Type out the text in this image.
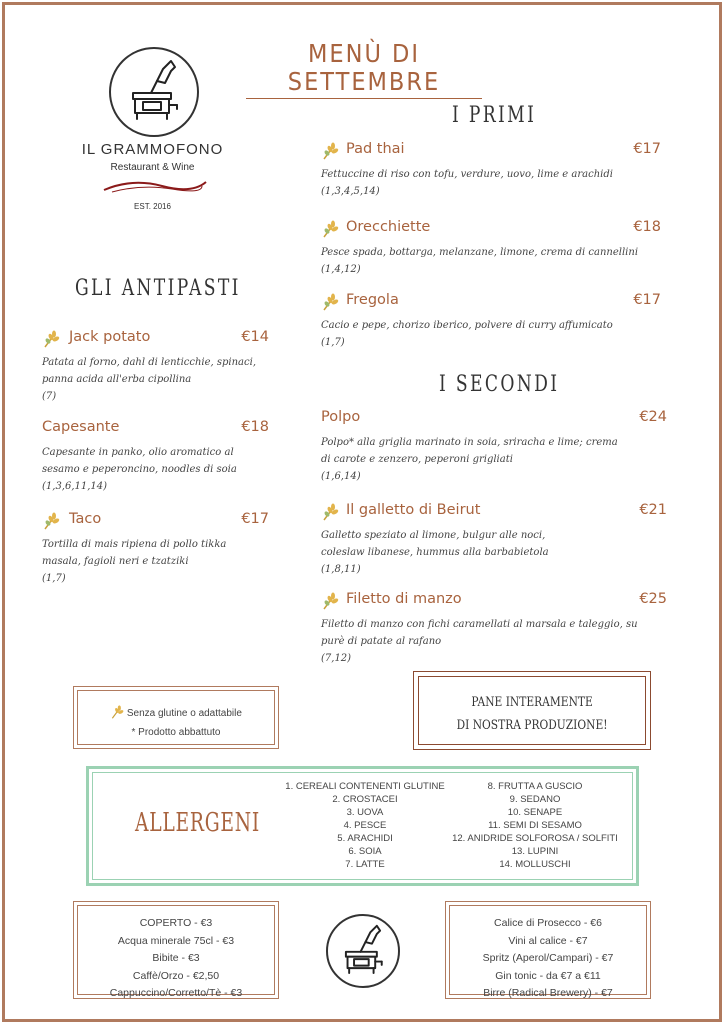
MENÙ DI SETTEMBRE
IL GRAMMOFONO
Restaurant & Wine
EST. 2016
I PRIMI
Pad thai	€17
Fettuccine di riso con tofu, verdure, uovo, lime e arachidi
(1,3,4,5,14)
Orecchiette	€18
Pesce spada, bottarga, melanzane, limone, crema di cannellini
(1,4,12)
Fregola	€17
Cacio e pepe, chorizo iberico, polvere di curry affumicato
(1,7)
I SECONDI
Polpo	€24
Polpo* alla griglia marinato in soia, sriracha e lime; crema di carote e zenzero, peperoni grigliati
(1,6,14)
Il galletto di Beirut	€21
Galletto speziato al limone, bulgur alle noci, coleslaw libanese, hummus alla barbabietola
(1,8,11)
Filetto di manzo	€25
Filetto di manzo con fichi caramellati al marsala e taleggio, su purè di patate al rafano
(7,12)
GLI ANTIPASTI
Jack potato	€14
Patata al forno, dahl di lenticchie, spinaci, panna acida all'erba cipollina
(7)
Capesante	€18
Capesante in panko, olio aromatico al sesamo e peperoncino, noodles di soia
(1,3,6,11,14)
Taco	€17
Tortilla di mais ripiena di pollo tikka masala, fagioli neri e tzatziki
(1,7)
Senza glutine o adattabile
* Prodotto abbattuto
PANE INTERAMENTE
DI NOSTRA PRODUZIONE!
ALLERGENI
1. CEREALI CONTENENTI GLUTINE
2. CROSTACEI
3. UOVA
4. PESCE
5. ARACHIDI
6. SOIA
7. LATTE
8. FRUTTA A GUSCIO
9. SEDANO
10. SENAPE
11. SEMI DI SESAMO
12. ANIDRIDE SOLFOROSA / SOLFITI
13. LUPINI
14. MOLLUSCHI
COPERTO - €3
Acqua minerale 75cl - €3
Bibite - €3
Caffè/Orzo - €2,50
Cappuccino/Corretto/Tè - €3
Calice di Prosecco - €6
Vini al calice - €7
Spritz (Aperol/Campari) - €7
Gin tonic - da €7 a €11
Birre (Radical Brewery) - €7
